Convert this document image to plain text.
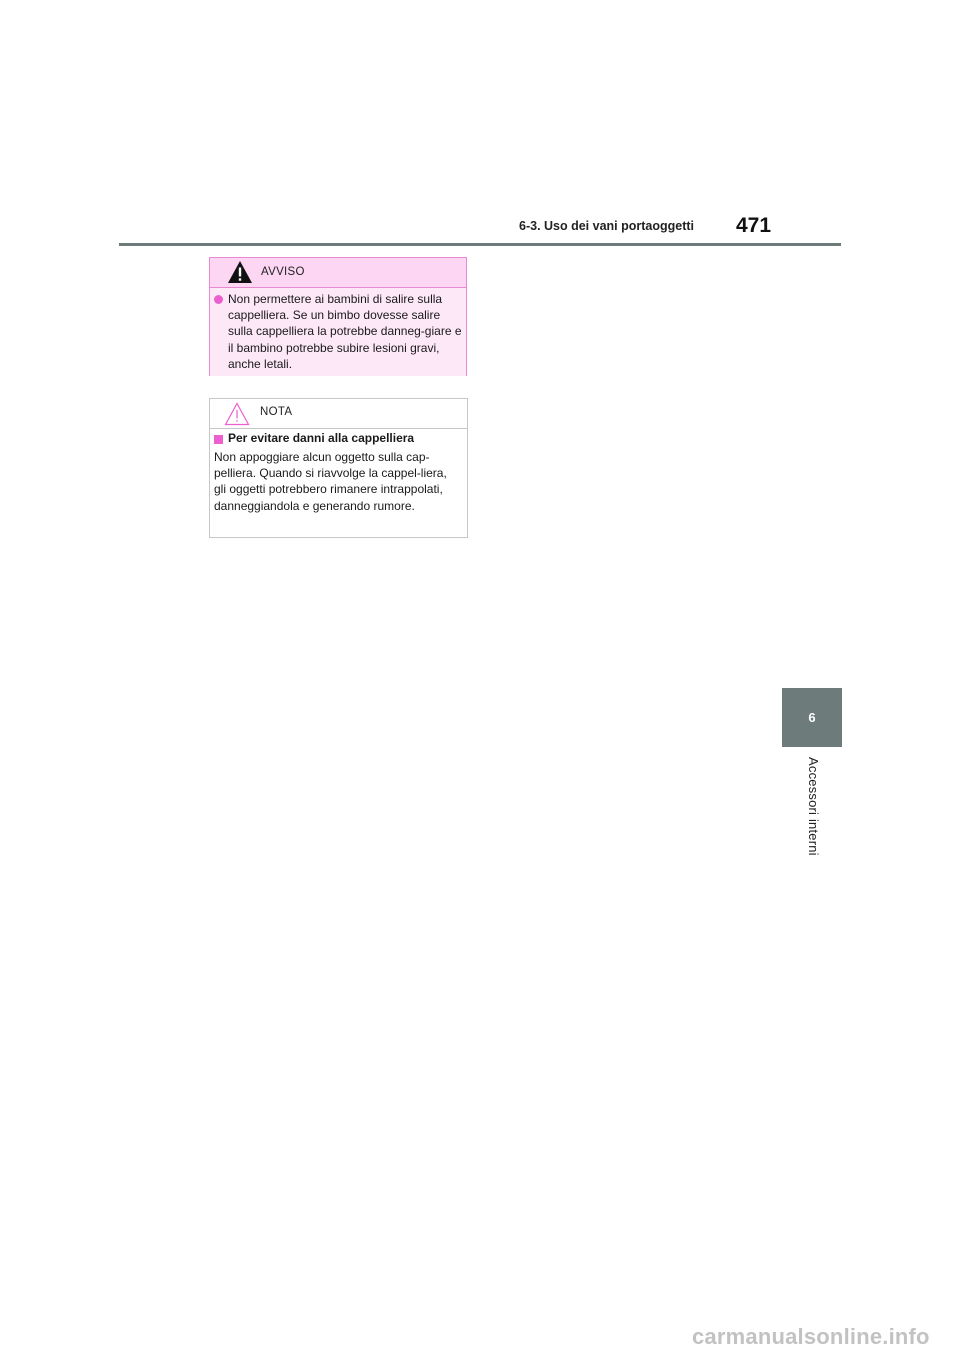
6-3. Uso dei vani portaoggetti 471
6
Accessori interni
AVVISO
Non permettere ai bambini di salire sulla cappelliera. Se un bimbo dovesse salire sulla cappelliera la potrebbe danneg-giare e il bambino potrebbe subire lesioni gravi, anche letali.
NOTA
Per evitare danni alla cappelliera
Non appoggiare alcun oggetto sulla cap-pelliera. Quando si riavvolge la cappel-liera, gli oggetti potrebbero rimanere intrappolati, danneggiandola e generando rumore.
carmanualsonline.info
